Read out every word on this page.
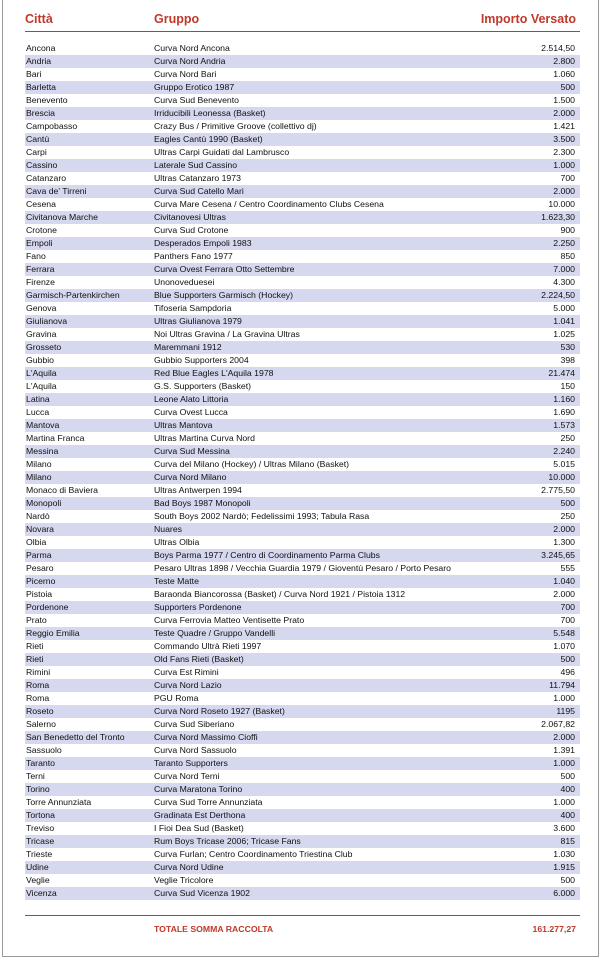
Città	Gruppo	Importo Versato
Ancona	Curva Nord Ancona	2.514,50
Andria	Curva Nord Andria	2.800
Bari	Curva Nord Bari	1.060
Barletta	Gruppo Erotico 1987	500
Benevento	Curva Sud Benevento	1.500
Brescia	Irriducibili Leonessa (Basket)	2.000
Campobasso	Crazy Bus / Primitive Groove (collettivo dj)	1.421
Cantù	Eagles Cantù 1990 (Basket)	3.500
Carpi	Ultras Carpi Guidati dal Lambrusco	2.300
Cassino	Laterale Sud Cassino	1.000
Catanzaro	Ultras Catanzaro 1973	700
Cava de' Tirreni	Curva Sud Catello Mari	2.000
Cesena	Curva Mare Cesena / Centro Coordinamento Clubs Cesena	10.000
Civitanova Marche	Civitanovesi Ultras	1.623,30
Crotone	Curva Sud Crotone	900
Empoli	Desperados Empoli 1983	2.250
Fano	Panthers Fano 1977	850
Ferrara	Curva Ovest Ferrara Otto Settembre	7.000
Firenze	Unonovedueseі	4.300
Garmisch-Partenkirchen	Blue Supporters Garmisch (Hockey)	2.224,50
Genova	Tifoseria Sampdoria	5.000
Giulianova	Ultras Giulianova 1979	1.041
Gravina	Noi Ultras Gravina / La Gravina Ultras	1.025
Grosseto	Maremmani 1912	530
Gubbio	Gubbio Supporters 2004	398
L'Aquila	Red Blue Eagles L'Aquila 1978	21.474
L'Aquila	G.S. Supporters (Basket)	150
Latina	Leone Alato Littoria	1.160
Lucca	Curva Ovest Lucca	1.690
Mantova	Ultras Mantova	1.573
Martina Franca	Ultras Martina Curva Nord	250
Messina	Curva Sud Messina	2.240
Milano	Curva del Milano (Hockey) / Ultras Milano (Basket)	5.015
Milano	Curva Nord Milano	10.000
Monaco di Baviera	Ultras Antwerpen 1994	2.775,50
Monopoli	Bad Boys 1987 Monopoli	500
Nardò	South Boys 2002 Nardò; Fedelissimi 1993; Tabula Rasa	250
Novara	Nuares	2.000
Olbia	Ultras Olbia	1.300
Parma	Boys Parma 1977 / Centro di Coordinamento Parma Clubs	3.245,65
Pesaro	Pesaro Ultras 1898 / Vecchia Guardia 1979 / Gioventù Pesaro / Porto Pesaro	555
Picerno	Teste Matte	1.040
Pistoia	Baraonda Biancorossa (Basket) / Curva Nord 1921 / Pistoia 1312	2.000
Pordenone	Supporters Pordenone	700
Prato	Curva Ferrovia Matteo Ventisette Prato	700
Reggio Emilia	Teste Quadre / Gruppo Vandelli	5.548
Rieti	Commando Ultrà Rieti 1997	1.070
Rieti	Old Fans Rieti (Basket)	500
Rimini	Curva Est Rimini	496
Roma	Curva Nord Lazio	11.794
Roma	PGU Roma	1.000
Roseto	Curva Nord Roseto 1927 (Basket)	1195
Salerno	Curva Sud Siberiano	2.067,82
San Benedetto del Tronto	Curva Nord Massimo Cioffi	2.000
Sassuolo	Curva Nord Sassuolo	1.391
Taranto	Taranto Supporters	1.000
Terni	Curva Nord Terni	500
Torino	Curva Maratona Torino	400
Torre Annunziata	Curva Sud Torre Annunziata	1.000
Tortona	Gradinata Est Derthona	400
Treviso	I Fioi Dea Sud (Basket)	3.600
Tricase	Rum Boys Tricase 2006; Tricase Fans	815
Trieste	Curva Furlan; Centro Coordinamento Triestina Club	1.030
Udine	Curva Nord Udine	1.915
Veglie	Veglie Tricolore	500
Vicenza	Curva Sud Vicenza 1902	6.000
TOTALE SOMMA RACCOLTA	161.277,27
